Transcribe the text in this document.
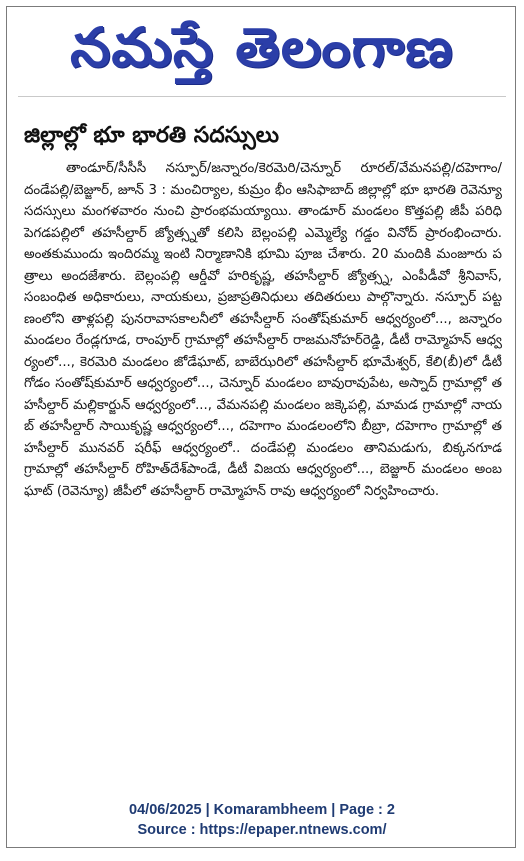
నమస్తే తెలంగాణ
జిల్లాల్లో భూ భారతి సదస్సులు

తాండూర్/సీసీసీ నస్పూర్/జన్నారం/కెరమెరి/చెన్నూర్ రూరల్/వేమనపల్లి/దహెగాం/దండేపల్లి/బెజ్జూర్, జూన్ 3 : మంచిర్యాల, కుమ్రం భీం ఆసిఫాబాద్ జిల్లాల్లో భూ భారతి రెవెన్యూ సదస్సులు మంగళవారం నుంచి ప్రారంభమయ్యాయి. తాండూర్ మండలం కొత్తపల్లి జీపీ పరిధి పెగడపల్లిలో తహసీల్దార్ జ్యోత్స్నతో కలిసి బెల్లంపల్లి ఎమ్మెల్యే గడ్డం వినోద్ ప్రారంభించారు. అంతకుముందు ఇందిరమ్మ ఇంటి నిర్మాణానికి భూమి పూజ చేశారు. 20 మందికి మంజూరు పత్రాలు అందజేశారు. బెల్లంపల్లి ఆర్డీవో హరికృష్ణ, తహసీల్దార్ జ్యోత్స్న, ఎంపీడీవో శ్రీనివాస్, సంబంధిత అధికారులు, నాయకులు, ప్రజాప్రతినిధులు తదితరులు పాల్గొన్నారు. నస్పూర్ పట్టణంలోని తాళ్లపల్లి పునరావాసకాలనీలో తహసీల్దార్ సంతోష్‌కుమార్ ఆధ్వర్యంలో..., జన్నారం మండలం రేండ్లగూడ, రాంపూర్ గ్రామాల్లో తహసీల్దార్ రాజమనోహర్‌రెడ్డి, డీటీ రామ్మోహన్ ఆధ్వర్యంలో..., కెరమెరి మండలం జోడేఘాట్, బాబేఝరిలో తహసీల్దార్ భూమేశ్వర్, కేలి(బీ)లో డీటీ గోడం సంతోష్‌కుమార్ ఆధ్వర్యంలో..., చెన్నూర్ మండలం బావురావుపేట, అస్నాద్ గ్రామాల్లో తహసీల్దార్ మల్లికార్జున్ ఆధ్వర్యంలో..., వేమనపల్లి మండలం జక్కెపల్లి, మామడ గ్రామాల్లో నాయబ్ తహసీల్దార్ సాయికృష్ణ ఆధ్వర్యంలో..., దహెగాం మండలంలోని బీబ్రా, దహెగాం గ్రామాల్లో తహసీల్దార్ మునవర్ షరీఫ్ ఆధ్వర్యంలో.. దండేపల్లి మండలం తానిమడుగు, బిక్కనగూడ గ్రామాల్లో తహసీల్దార్ రోహిత్‌దేశ్‌పాండే, డీటీ విజయ ఆధ్వర్యంలో..., బెజ్జూర్ మండలం అంబఘాట్ (రెవెన్యూ) జీపీలో తహసీల్దార్ రామ్మోహన్ రావు ఆధ్వర్యంలో నిర్వహించారు.

04/06/2025 | Komarambheem | Page : 2
Source : https://epaper.ntnews.com/
